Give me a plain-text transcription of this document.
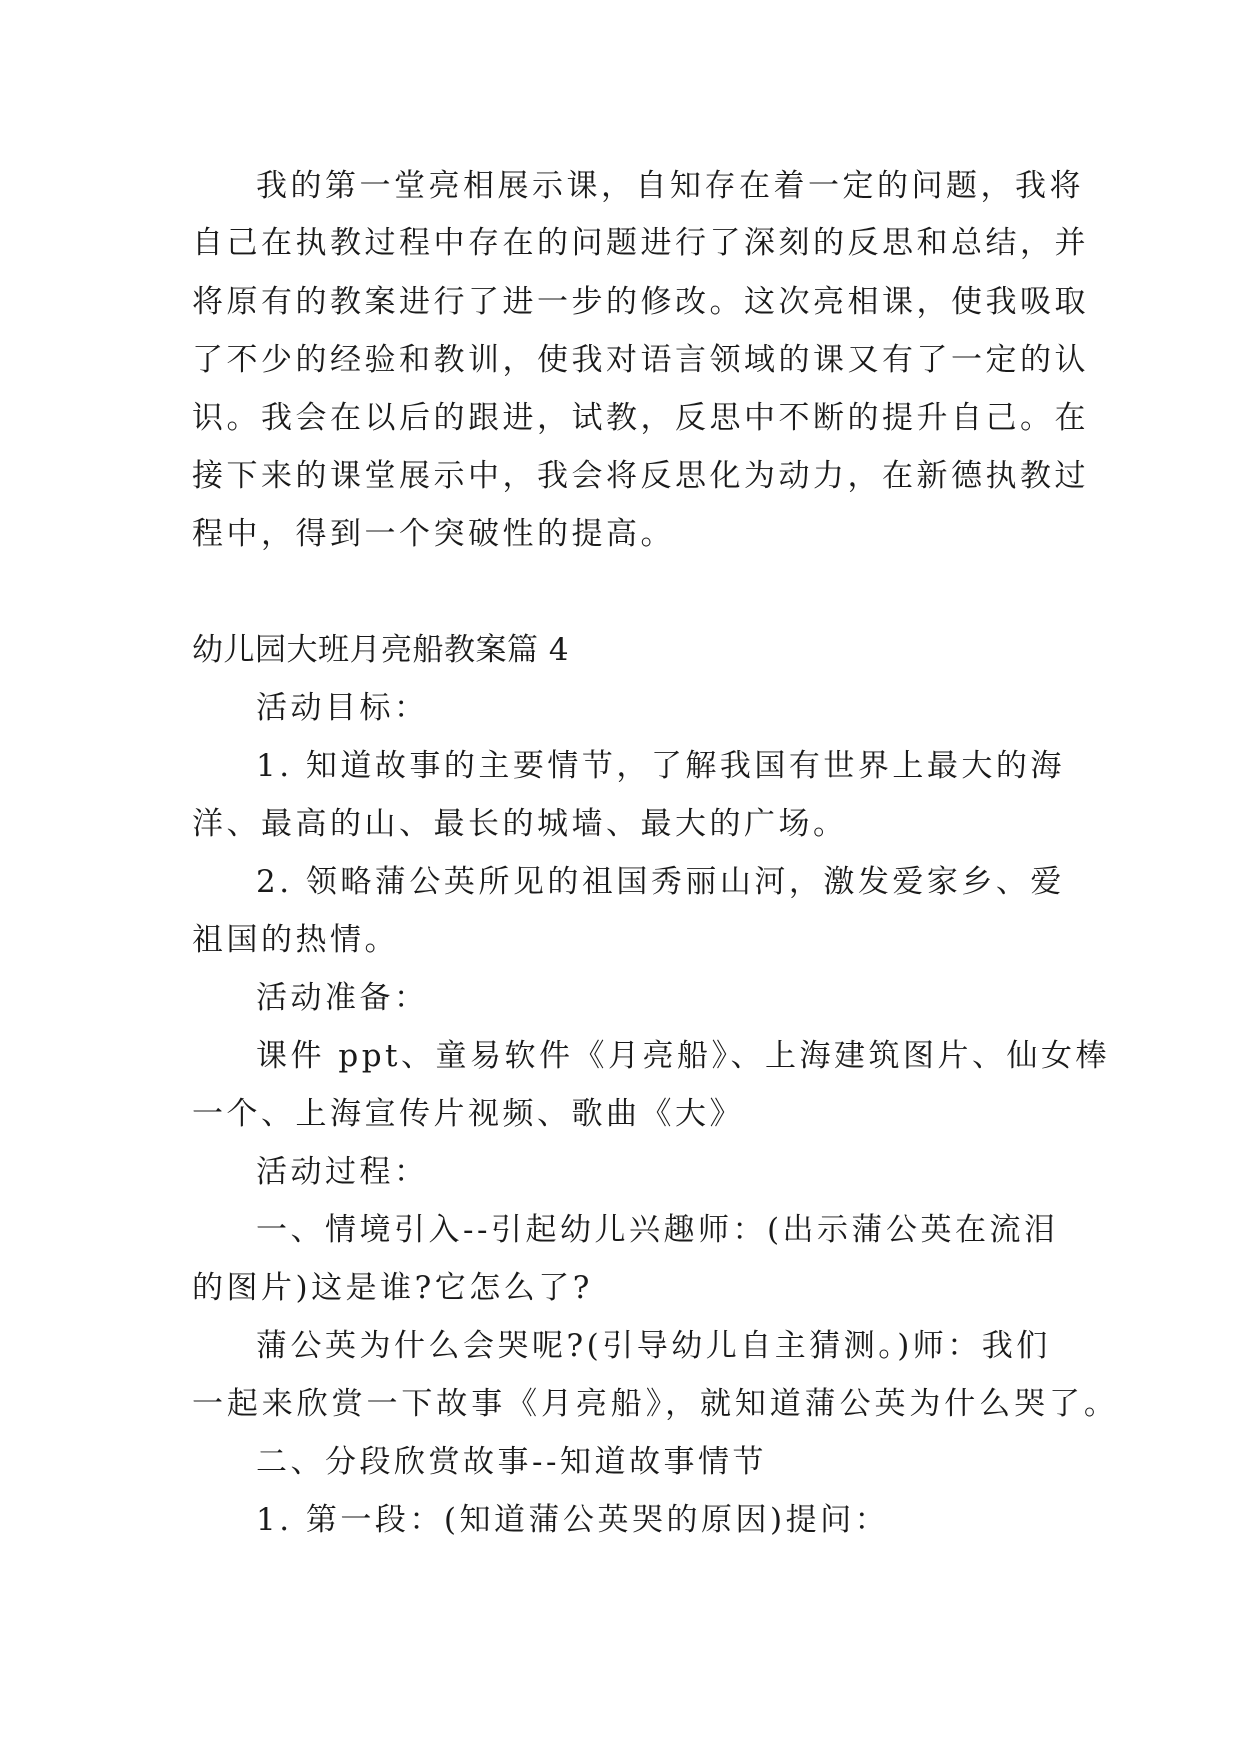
我的第一堂亮相展示课，自知存在着一定的问题，我将

自己在执教过程中存在的问题进行了深刻的反思和总结，并

将原有的教案进行了进一步的修改。这次亮相课，使我吸取

了不少的经验和教训，使我对语言领域的课又有了一定的认

识。我会在以后的跟进，试教，反思中不断的提升自己。在

接下来的课堂展示中，我会将反思化为动力，在新德执教过

程中，得到一个突破性的提高。

幼儿园大班月亮船教案篇 4

活动目标：

1. 知道故事的主要情节，了解我国有世界上最大的海

洋、最高的山、最长的城墙、最大的广场。

2. 领略蒲公英所见的祖国秀丽山河，激发爱家乡、爱

祖国的热情。

活动准备：

课件 ppt、童易软件《月亮船》、上海建筑图片、仙女棒

一个、上海宣传片视频、歌曲《大》

活动过程：

一、情境引入--引起幼儿兴趣师：(出示蒲公英在流泪

的图片)这是谁?它怎么了?

蒲公英为什么会哭呢?(引导幼儿自主猜测。)师：我们

一起来欣赏一下故事《月亮船》，就知道蒲公英为什么哭了。

二、分段欣赏故事--知道故事情节

1. 第一段：(知道蒲公英哭的原因)提问：
